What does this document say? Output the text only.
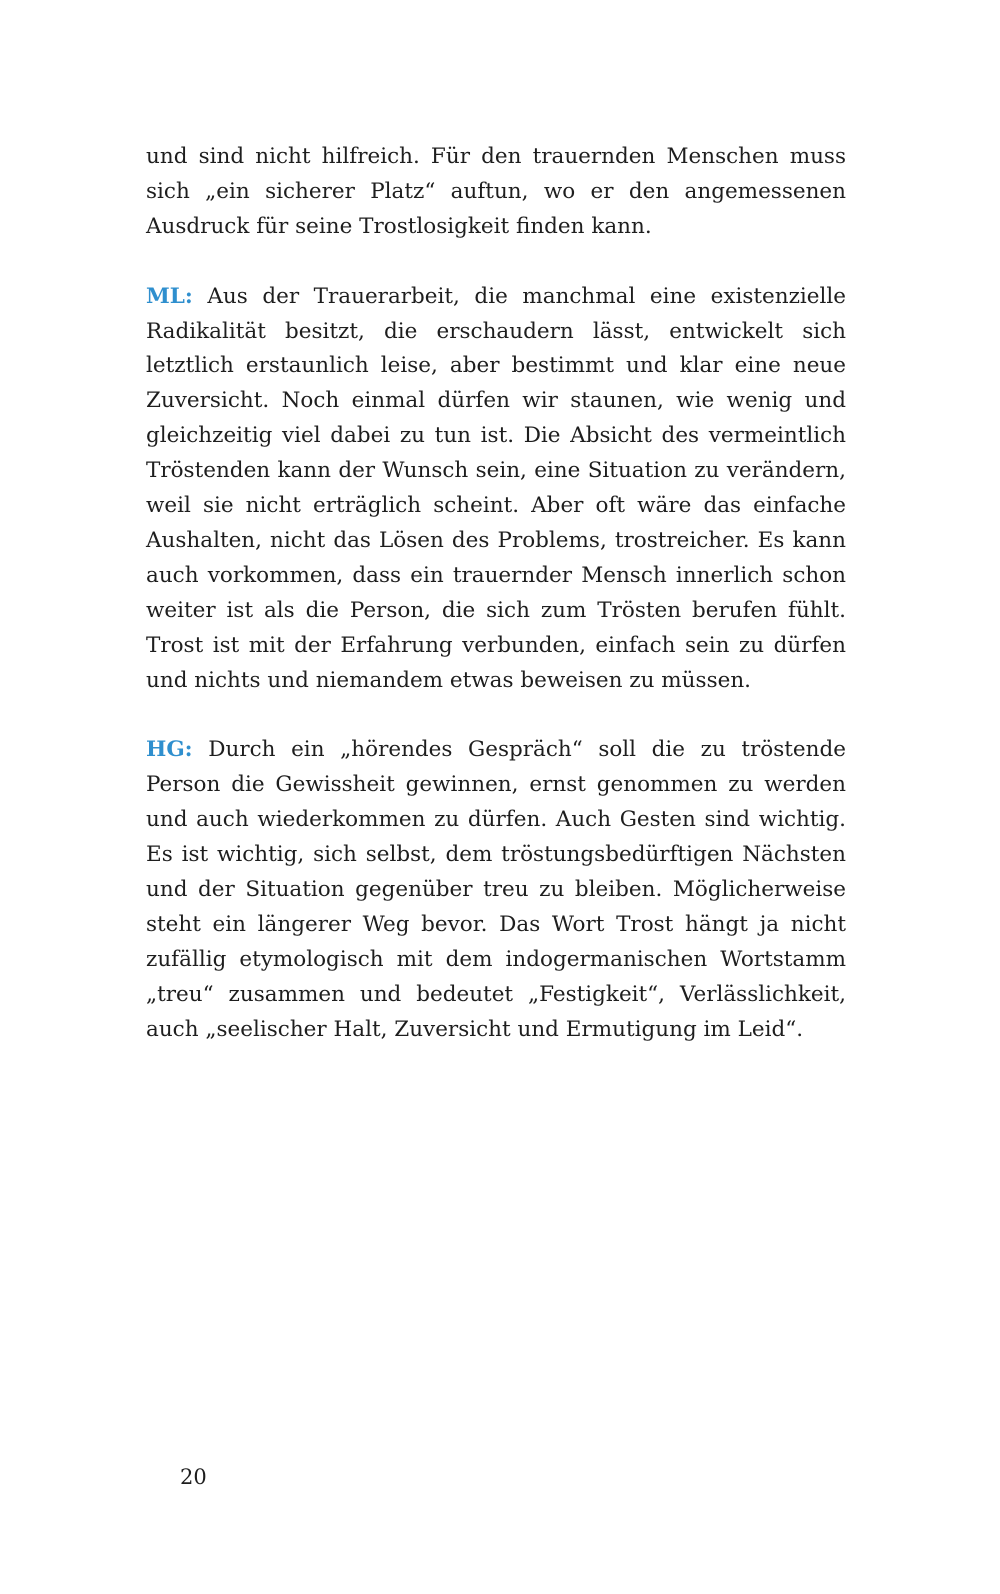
und sind nicht hilfreich. Für den trauernden Menschen muss sich „ein sicherer Platz“ auftun, wo er den angemessenen Ausdruck für seine Trostlosigkeit finden kann.

ML: Aus der Trauerarbeit, die manchmal eine existenzielle Radikalität besitzt, die erschaudern lässt, entwickelt sich letztlich erstaunlich leise, aber bestimmt und klar eine neue Zuversicht. Noch einmal dürfen wir staunen, wie wenig und gleichzeitig viel dabei zu tun ist. Die Absicht des vermeintlich Tröstenden kann der Wunsch sein, eine Situation zu verändern, weil sie nicht erträglich scheint. Aber oft wäre das einfache Aushalten, nicht das Lösen des Problems, trostreicher. Es kann auch vorkommen, dass ein trauernder Mensch innerlich schon weiter ist als die Person, die sich zum Trösten berufen fühlt. Trost ist mit der Erfahrung verbunden, einfach sein zu dürfen und nichts und niemandem etwas beweisen zu müssen.

HG: Durch ein „hörendes Gespräch“ soll die zu tröstende Person die Gewissheit gewinnen, ernst genommen zu werden und auch wiederkommen zu dürfen. Auch Gesten sind wichtig. Es ist wichtig, sich selbst, dem tröstungsbedürftigen Nächsten und der Situation gegenüber treu zu bleiben. Möglicherweise steht ein längerer Weg bevor. Das Wort Trost hängt ja nicht zufällig etymologisch mit dem indogermanischen Wortstamm „treu“ zusammen und bedeutet „Festigkeit“, Verlässlichkeit, auch „seelischer Halt, Zuversicht und Ermutigung im Leid“.

20
